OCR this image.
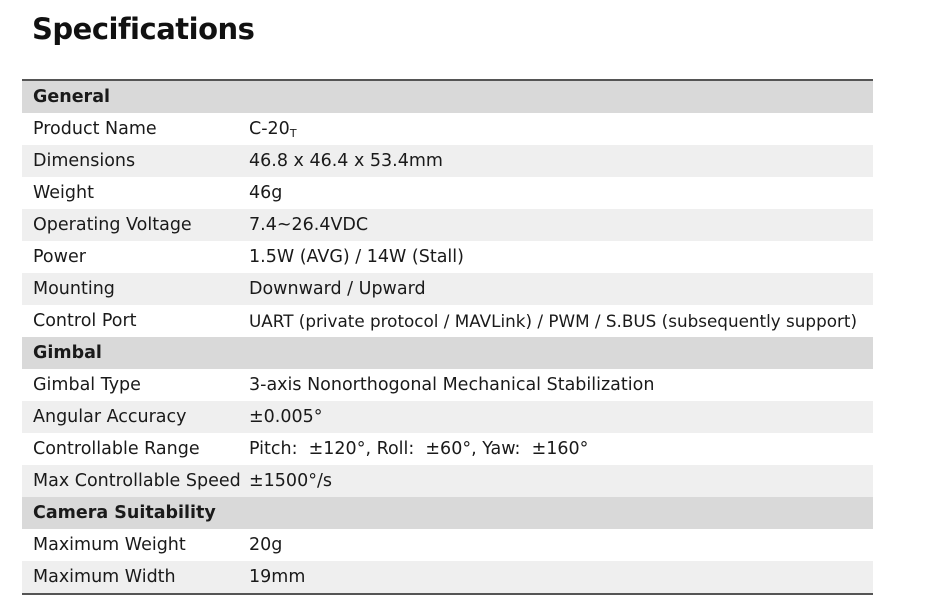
Specifications
General
Product Name	$C-20_T$
Dimensions	46.8 x 46.4 x 53.4mm
Weight	46g
Operating Voltage	7.4~26.4VDC
Power	1.5W (AVG) / 14W (Stall)
Mounting	Downward / Upward
Control Port	UART (private protocol / MAVLink) / PWM / S.BUS (subsequently support)
Gimbal
Gimbal Type	3-axis Nonorthogonal Mechanical Stabilization
Angular Accuracy	±0.005°
Controllable Range	Pitch:  ±120°, Roll:  ±60°, Yaw:  ±160°
Max Controllable Speed ±1500°/s
Camera Suitability
Maximum Weight	20g
Maximum Width	19mm
